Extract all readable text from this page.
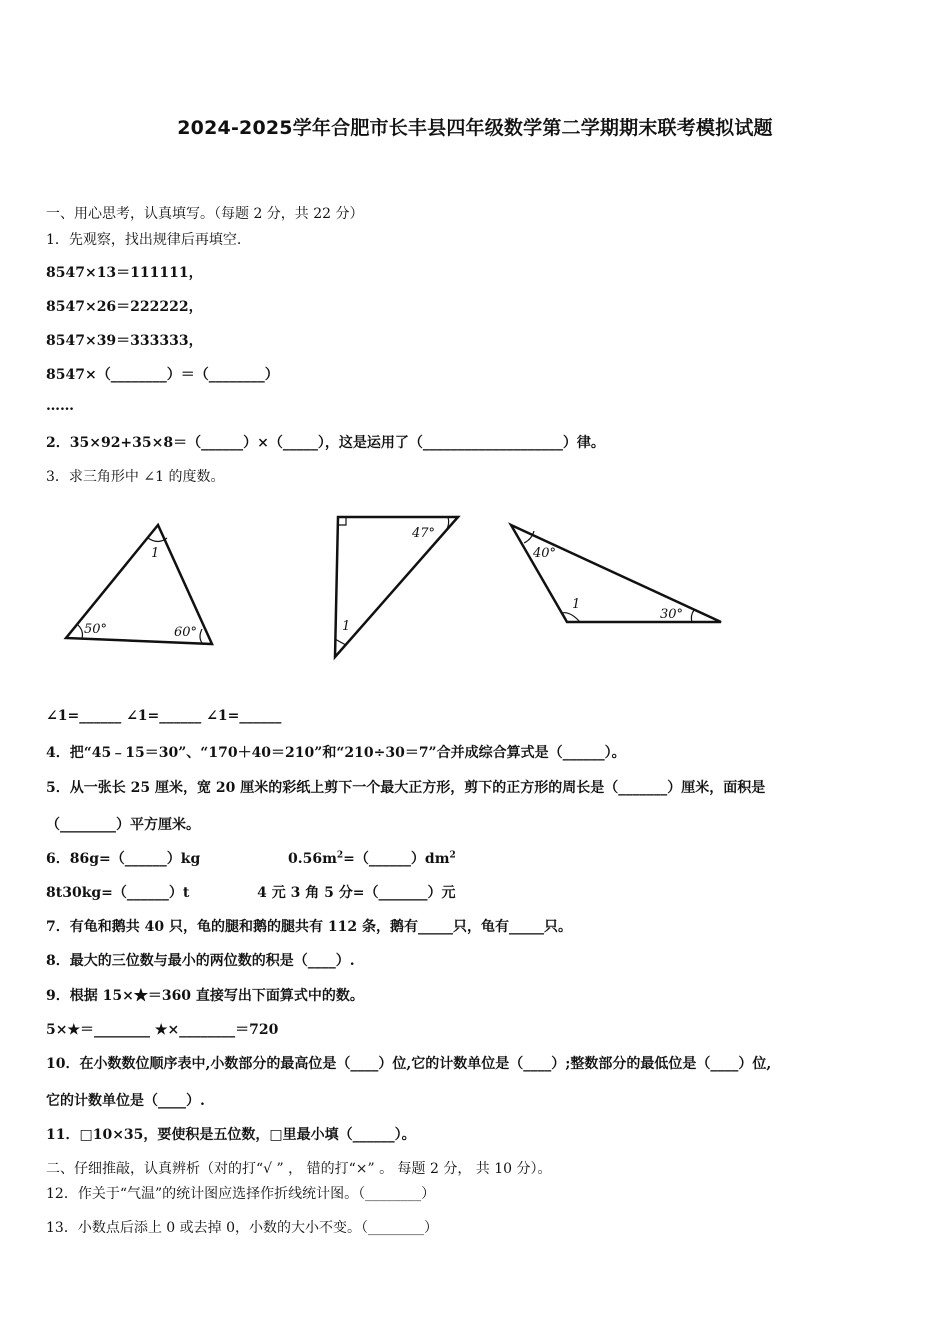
2024-2025学年合肥市长丰县四年级数学第二学期期末联考模拟试题
一、用心思考，认真填写。（每题 2 分，共 22 分）
1．先观察，找出规律后再填空.
8547×13＝111111，
8547×26＝222222，
8547×39＝333333，
8547×（________）＝（________）
……
2．35×92+35×8＝（______）×（_____），这是运用了（____________________）律。
3．求三角形中 ∠1 的度数。
1
50°	60°
47°
1
40°
1
30°
∠1=______ ∠1=______ ∠1=______
4．把“45﹣15＝30”、“170＋40＝210”和“210÷30＝7”合并成综合算式是（______）。
5．从一张长 25 厘米，宽 20 厘米的彩纸上剪下一个最大正方形，剪下的正方形的周长是（_______）厘米，面积是
（________）平方厘米。
6．86g=（______）kg	$0.56m^2=(\_\_\_\_\_\_)dm^2$
8t30kg=（______）t	4 元 3 角 5 分=（_______）元
7．有龟和鹅共 40 只，龟的腿和鹅的腿共有 112 条，鹅有_____只，龟有_____只。
8．最大的三位数与最小的两位数的积是（____）.
9．根据 15×★＝360 直接写出下面算式中的数。
5×★＝________ ★×________＝720
10．在小数数位顺序表中,小数部分的最高位是（____）位,它的计数单位是（____）;整数部分的最低位是（____）位,
它的计数单位是（____）.
11．□10×35，要使积是五位数，□里最小填（______）。
二、仔细推敲，认真辨析（对的打“√ ” ， 错的打“×” 。 每题 2 分， 共 10 分）。
12．作关于“气温”的统计图应选择作折线统计图。（________）
13．小数点后添上 0 或去掉 0，小数的大小不变。（________）
